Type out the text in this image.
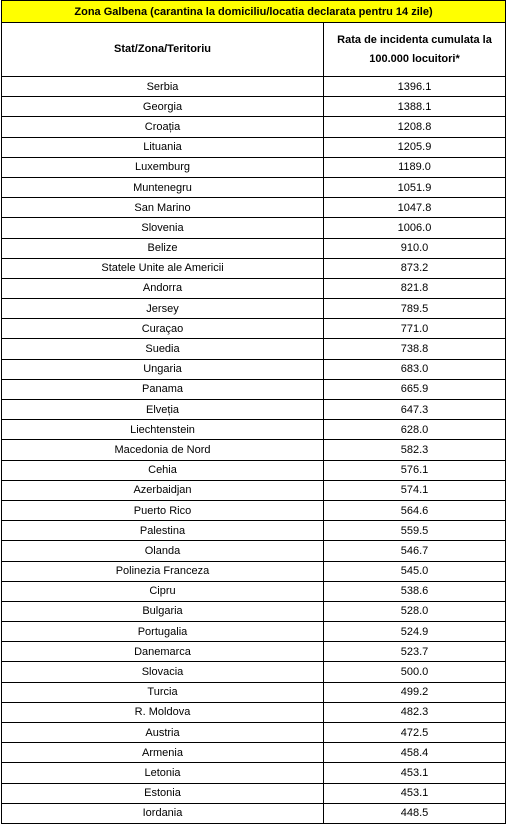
Zona Galbena (carantina la domiciliu/locatia declarata pentru 14 zile)	
Stat/Zona/Teritoriu	Rata de incidenta cumulata la 100.000 locuitori*
Serbia	1396.1
Georgia	1388.1
Croația	1208.8
Lituania	1205.9
Luxemburg	1189.0
Muntenegru	1051.9
San Marino	1047.8
Slovenia	1006.0
Belize	910.0
Statele Unite ale Americii	873.2
Andorra	821.8
Jersey	789.5
Curaçao	771.0
Suedia	738.8
Ungaria	683.0
Panama	665.9
Elveția	647.3
Liechtenstein	628.0
Macedonia de Nord	582.3
Cehia	576.1
Azerbaidjan	574.1
Puerto Rico	564.6
Palestina	559.5
Olanda	546.7
Polinezia Franceza	545.0
Cipru	538.6
Bulgaria	528.0
Portugalia	524.9
Danemarca	523.7
Slovacia	500.0
Turcia	499.2
R. Moldova	482.3
Austria	472.5
Armenia	458.4
Letonia	453.1
Estonia	453.1
Iordania	448.5
